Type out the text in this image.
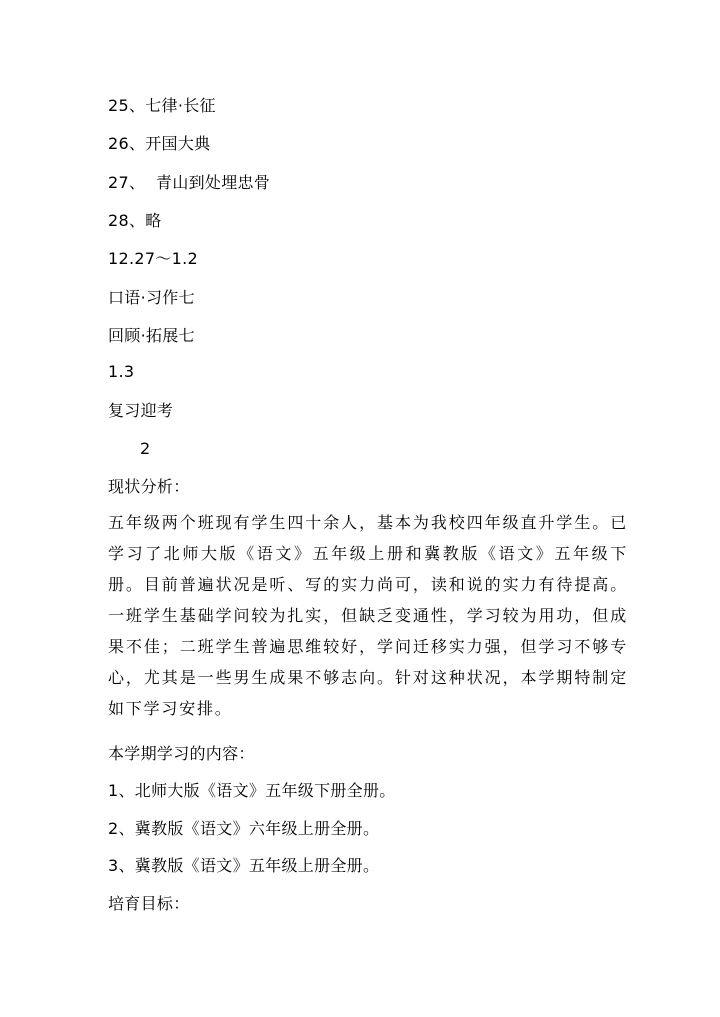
25、七律·长征
26、开国大典
27、  青山到处埋忠骨
28、略
12.27～1.2
口语·习作七
回顾·拓展七
1.3
复习迎考
2
现状分析：
五年级两个班现有学生四十余人，基本为我校四年级直升学生。已学习了北师大版《语文》五年级上册和冀教版《语文》五年级下册。目前普遍状况是听、写的实力尚可，读和说的实力有待提高。一班学生基础学问较为扎实，但缺乏变通性，学习较为用功，但成果不佳；二班学生普遍思维较好，学问迁移实力强，但学习不够专心，尤其是一些男生成果不够志向。针对这种状况，本学期特制定如下学习安排。
本学期学习的内容：
1、北师大版《语文》五年级下册全册。
2、冀教版《语文》六年级上册全册。
3、冀教版《语文》五年级上册全册。
培育目标：
